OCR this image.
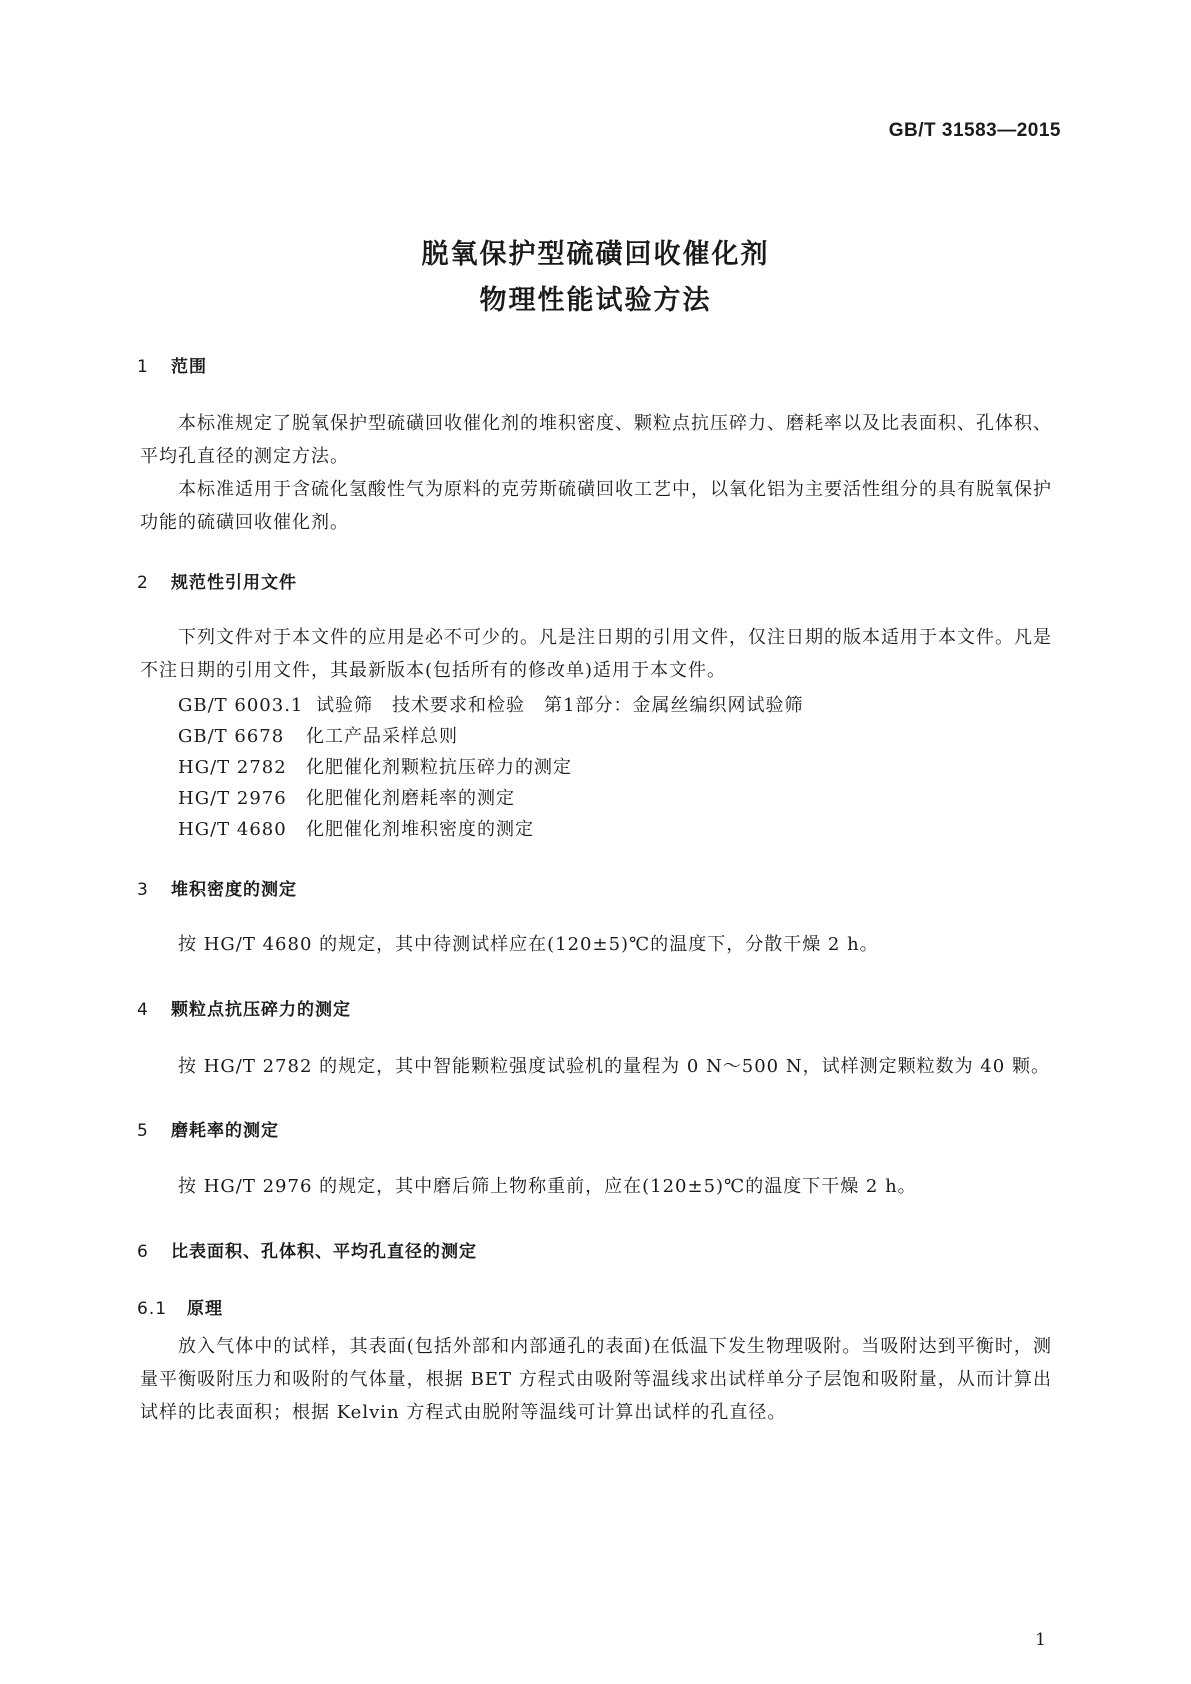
GB/T 31583—2015
脱氧保护型硫磺回收催化剂
物理性能试验方法
1 范围

本标准规定了脱氧保护型硫磺回收催化剂的堆积密度、颗粒点抗压碎力、磨耗率以及比表面积、孔体积、平均孔直径的测定方法。

本标准适用于含硫化氢酸性气为原料的克劳斯硫磺回收工艺中，以氧化铝为主要活性组分的具有脱氧保护功能的硫磺回收催化剂。

2 规范性引用文件

下列文件对于本文件的应用是必不可少的。凡是注日期的引用文件，仅注日期的版本适用于本文件。凡是不注日期的引用文件，其最新版本(包括所有的修改单)适用于本文件。

GB/T 6003.1 试验筛　技术要求和检验　第1部分：金属丝编织网试验筛
GB/T 6678 化工产品采样总则
HG/T 2782 化肥催化剂颗粒抗压碎力的测定
HG/T 2976 化肥催化剂磨耗率的测定
HG/T 4680 化肥催化剂堆积密度的测定
3 堆积密度的测定

按 HG/T 4680 的规定，其中待测试样应在(120±5)℃的温度下，分散干燥 2 h。

4 颗粒点抗压碎力的测定

按 HG/T 2782 的规定，其中智能颗粒强度试验机的量程为 0 N～500 N，试样测定颗粒数为 40 颗。

5 磨耗率的测定

按 HG/T 2976 的规定，其中磨后筛上物称重前，应在(120±5)℃的温度下干燥 2 h。

6 比表面积、孔体积、平均孔直径的测定
6.1 原理

放入气体中的试样，其表面(包括外部和内部通孔的表面)在低温下发生物理吸附。当吸附达到平衡时，测量平衡吸附压力和吸附的气体量，根据 BET 方程式由吸附等温线求出试样单分子层饱和吸附量，从而计算出试样的比表面积；根据 Kelvin 方程式由脱附等温线可计算出试样的孔直径。

1
